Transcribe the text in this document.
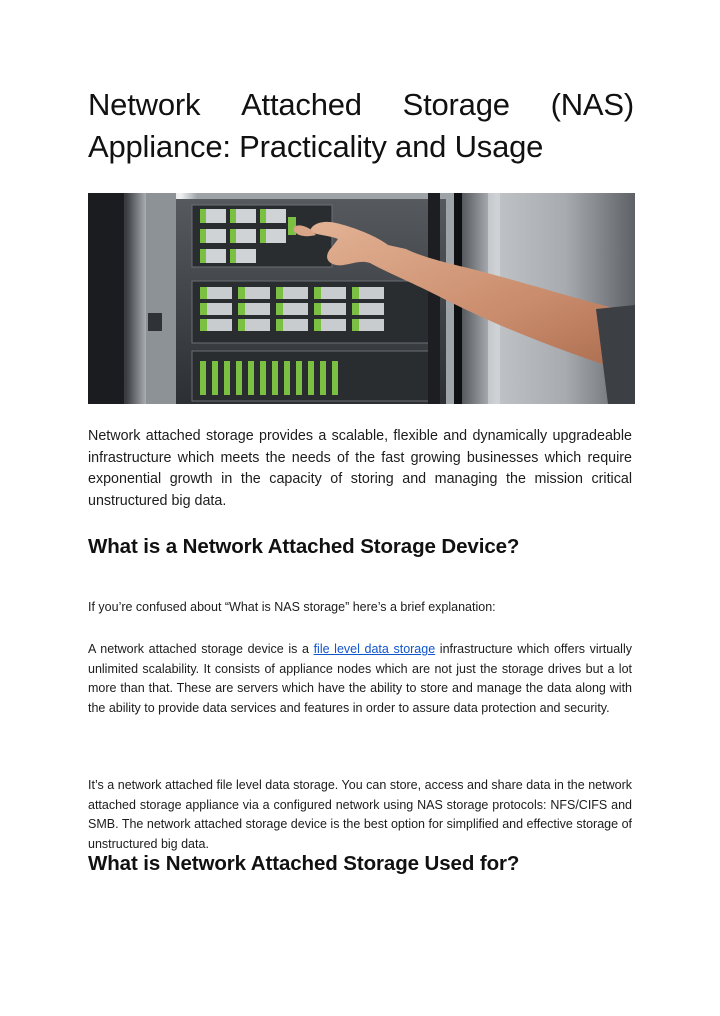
Network Attached Storage (NAS)
Appliance: Practicality and Usage

Network attached storage provides a scalable, flexible and dynamically upgradeable infrastructure which meets the needs of the fast growing businesses which require exponential growth in the capacity of storing and managing the mission critical unstructured big data.

What is a Network Attached Storage Device?

If you’re confused about “What is NAS storage” here’s a brief explanation:

A network attached storage device is a file level data storage infrastructure which offers virtually unlimited scalability. It consists of appliance nodes which are not just the storage drives but a lot more than that. These are servers which have the ability to store and manage the data along with the ability to provide data services and features in order to assure data protection and security.

It’s a network attached file level data storage. You can store, access and share data in the network attached storage appliance via a configured network using NAS storage protocols: NFS/CIFS and SMB. The network attached storage device is the best option for simplified and effective storage of unstructured big data.

What is Network Attached Storage Used for?
